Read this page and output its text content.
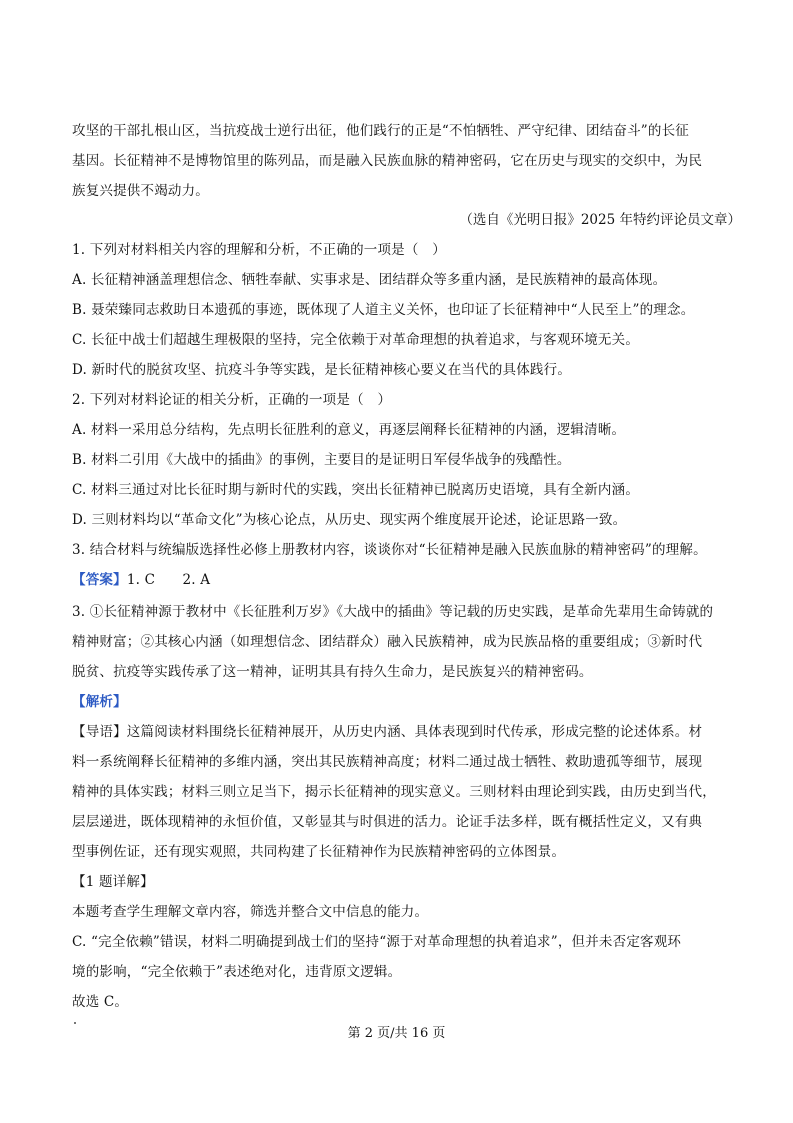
攻坚的干部扎根山区，当抗疫战士逆行出征，他们践行的正是“不怕牺牲、严守纪律、团结奋斗”的长征
基因。长征精神不是博物馆里的陈列品，而是融入民族血脉的精神密码，它在历史与现实的交织中，为民
族复兴提供不竭动力。
（选自《光明日报》2025 年特约评论员文章）
1. 下列对材料相关内容的理解和分析，不正确的一项是（　）
A. 长征精神涵盖理想信念、牺牲奉献、实事求是、团结群众等多重内涵，是民族精神的最高体现。
B. 聂荣臻同志救助日本遗孤的事迹，既体现了人道主义关怀，也印证了长征精神中“人民至上”的理念。
C. 长征中战士们超越生理极限的坚持，完全依赖于对革命理想的执着追求，与客观环境无关。
D. 新时代的脱贫攻坚、抗疫斗争等实践，是长征精神核心要义在当代的具体践行。
2. 下列对材料论证的相关分析，正确的一项是（　）
A. 材料一采用总分结构，先点明长征胜利的意义，再逐层阐释长征精神的内涵，逻辑清晰。
B. 材料二引用《大战中的插曲》的事例，主要目的是证明日军侵华战争的残酷性。
C. 材料三通过对比长征时期与新时代的实践，突出长征精神已脱离历史语境，具有全新内涵。
D. 三则材料均以“革命文化”为核心论点，从历史、现实两个维度展开论述，论证思路一致。
3. 结合材料与统编版选择性必修上册教材内容，谈谈你对“长征精神是融入民族血脉的精神密码”的理解。
【答案】1. C　　2. A
3. ①长征精神源于教材中《长征胜利万岁》《大战中的插曲》等记载的历史实践，是革命先辈用生命铸就的
精神财富；②其核心内涵（如理想信念、团结群众）融入民族精神，成为民族品格的重要组成；③新时代
脱贫、抗疫等实践传承了这一精神，证明其具有持久生命力，是民族复兴的精神密码。
【解析】
【导语】这篇阅读材料围绕长征精神展开，从历史内涵、具体表现到时代传承，形成完整的论述体系。材
料一系统阐释长征精神的多维内涵，突出其民族精神高度；材料二通过战士牺牲、救助遗孤等细节，展现
精神的具体实践；材料三则立足当下，揭示长征精神的现实意义。三则材料由理论到实践，由历史到当代，
层层递进，既体现精神的永恒价值，又彰显其与时俱进的活力。论证手法多样，既有概括性定义，又有典
型事例佐证，还有现实观照，共同构建了长征精神作为民族精神密码的立体图景。
【1 题详解】
本题考查学生理解文章内容，筛选并整合文中信息的能力。
C. “完全依赖”错误，材料二明确提到战士们的坚持“源于对革命理想的执着追求”，但并未否定客观环
境的影响，“完全依赖于”表述绝对化，违背原文逻辑。
故选 C。
第 2 页/共 16 页
